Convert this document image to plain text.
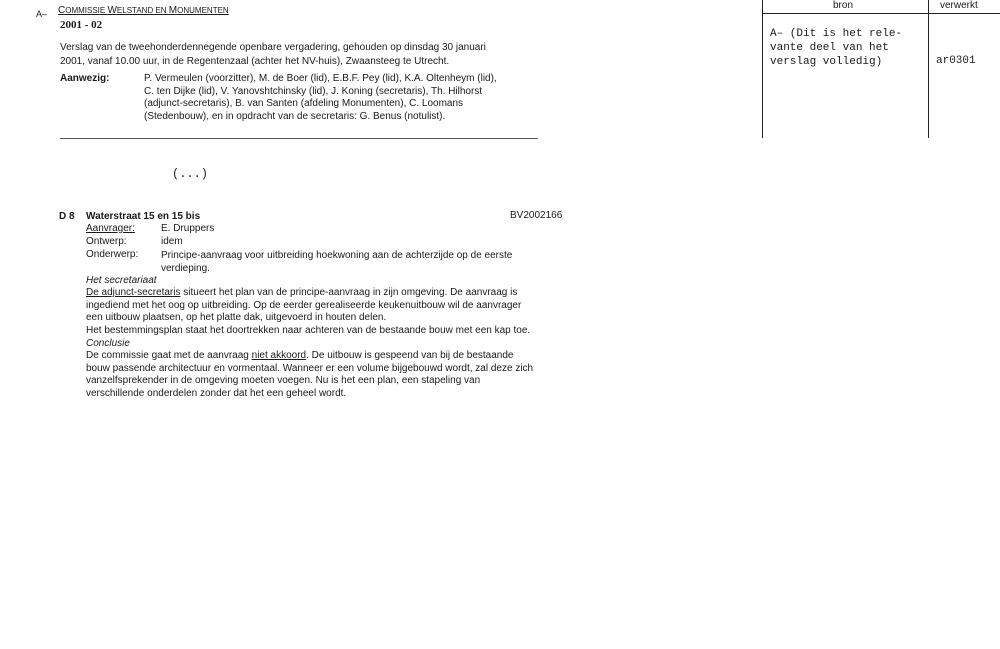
A– COMMISSIE WELSTAND EN MONUMENTEN
2001 - 02
Verslag van de tweehonderdennegende openbare vergadering, gehouden op dinsdag 30 januari
2001, vanaf 10.00 uur, in de Regentenzaal (achter het NV-huis), Zwaansteeg te Utrecht.
Aanwezig:	P. Vermeulen (voorzitter), M. de Boer (lid), E.B.F. Pey (lid), K.A. Oltenheym (lid),
C. ten Dijke (lid), V. Yanovshtchinsky (lid), J. Koning (secretaris), Th. Hilhorst
(adjunct-secretaris), B. van Santen (afdeling Monumenten), C. Loomans
(Stedenbouw), en in opdracht van de secretaris: G. Benus (notulist).
(...)
D 8 Waterstraat 15 en 15 bis	BV2002166
Aanvrager:	E. Druppers
Ontwerp:	idem
Onderwerp: Principe-aanvraag voor uitbreiding hoekwoning aan de achterzijde op de eerste
verdieping.
Het secretariaat
De adjunct-secretaris situeert het plan van de principe-aanvraag in zijn omgeving. De aanvraag is
ingediend met het oog op uitbreiding. Op de eerder gerealiseerde keukenuitbouw wil de aanvrager
een uitbouw plaatsen, op het platte dak, uitgevoerd in houten delen.
Het bestemmingsplan staat het doortrekken naar achteren van de bestaande bouw met een kap toe.
Conclusie
De commissie gaat met de aanvraag niet akkoord. De uitbouw is gespeend van bij de bestaande
bouw passende architectuur en vormentaal. Wanneer er een volume bijgebouwd wordt, zal deze zich
vanzelfsprekender in de omgeving moeten voegen. Nu is het een plan, een stapeling van
verschillende onderdelen zonder dat het een geheel wordt.
bron	verwerkt
A– (Dit is het rele-
vante deel van het
verslag volledig)	ar0301
